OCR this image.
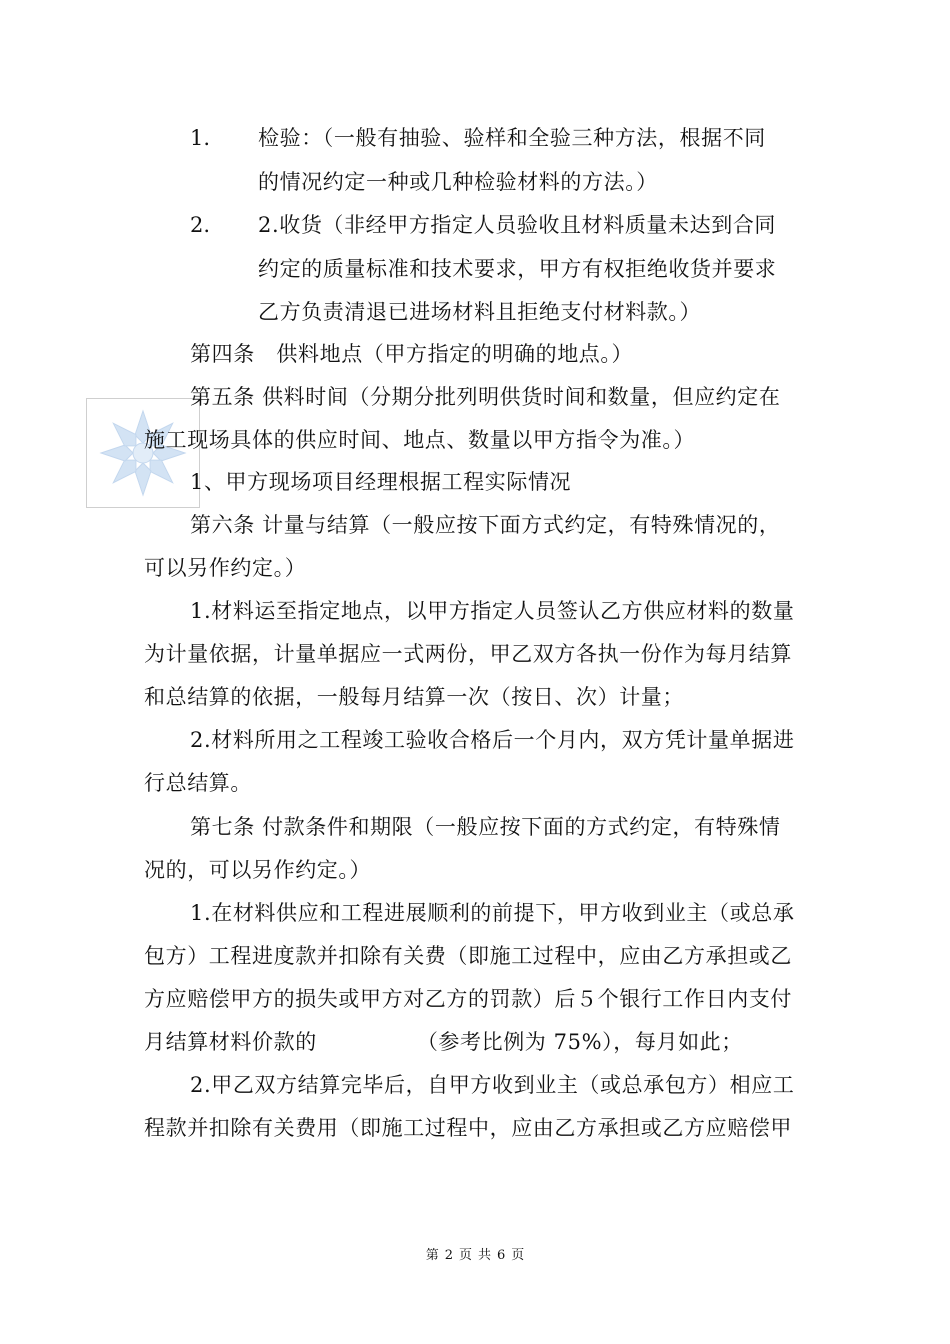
1. 检验：（一般有抽验、验样和全验三种方法，根据不同
的情况约定一种或几种检验材料的方法。）
2. 2.收货（非经甲方指定人员验收且材料质量未达到合同
约定的质量标准和技术要求，甲方有权拒绝收货并要求
乙方负责清退已进场材料且拒绝支付材料款。）
第四条　供料地点（甲方指定的明确的地点。）
第五条 供料时间（分期分批列明供货时间和数量，但应约定在
施工现场具体的供应时间、地点、数量以甲方指令为准。）
1、甲方现场项目经理根据工程实际情况
第六条 计量与结算（一般应按下面方式约定，有特殊情况的，
可以另作约定。）
1.材料运至指定地点，以甲方指定人员签认乙方供应材料的数量
为计量依据，计量单据应一式两份，甲乙双方各执一份作为每月结算
和总结算的依据，一般每月结算一次（按日、次）计量；
2.材料所用之工程竣工验收合格后一个月内，双方凭计量单据进
行总结算。
第七条 付款条件和期限（一般应按下面的方式约定，有特殊情
况的，可以另作约定。）
1.在材料供应和工程进展顺利的前提下，甲方收到业主（或总承
包方）工程进度款并扣除有关费（即施工过程中，应由乙方承担或乙
方应赔偿甲方的损失或甲方对乙方的罚款）后５个银行工作日内支付
月结算材料价款的	（参考比例为 75%），每月如此；
2.甲乙双方结算完毕后，自甲方收到业主（或总承包方）相应工
程款并扣除有关费用（即施工过程中，应由乙方承担或乙方应赔偿甲
第 2 页 共 6 页
